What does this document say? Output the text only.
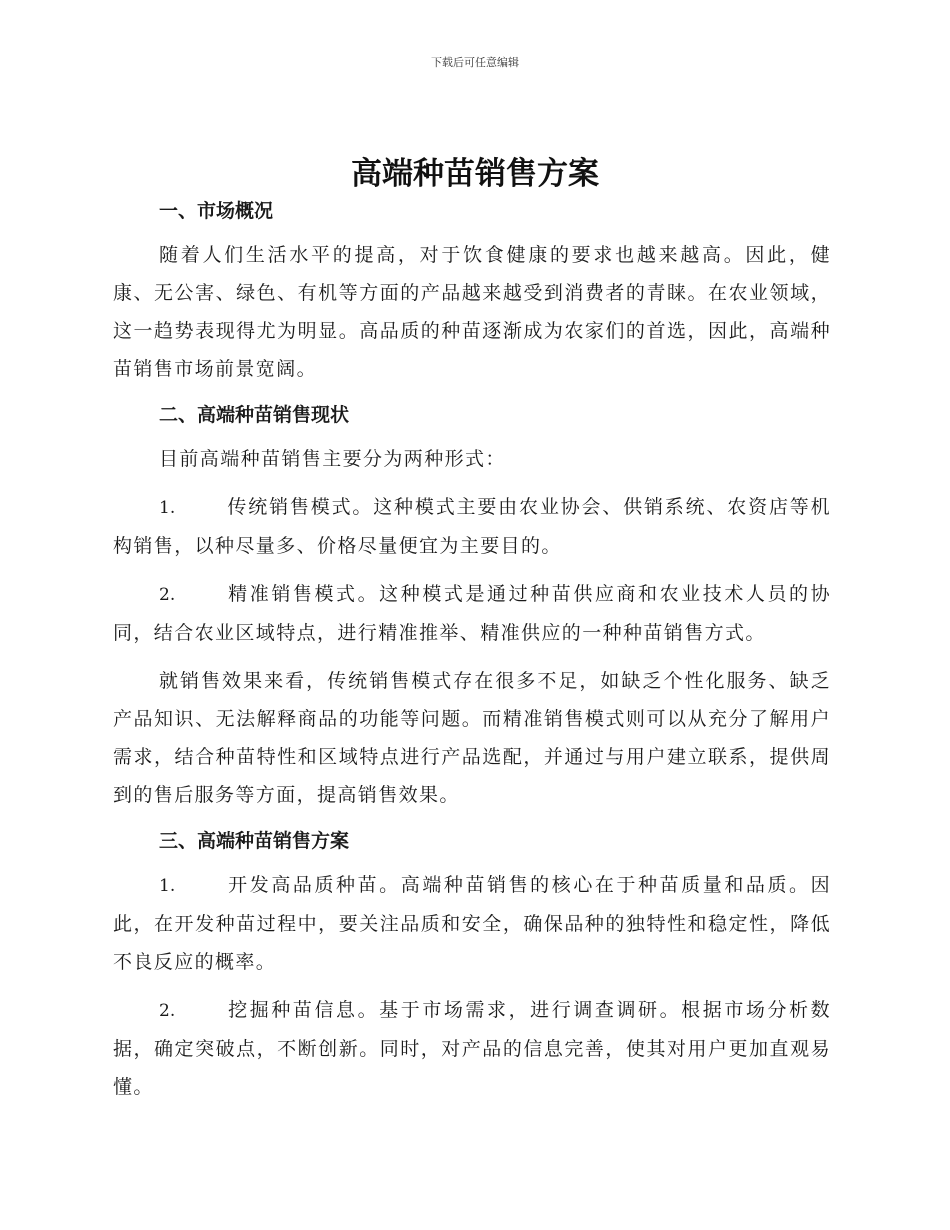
下载后可任意编辑
高端种苗销售方案
一、市场概况

随着人们生活水平的提高，对于饮食健康的要求也越来越高。因此，健康、无公害、绿色、有机等方面的产品越来越受到消费者的青睐。在农业领域，这一趋势表现得尤为明显。高品质的种苗逐渐成为农家们的首选，因此，高端种苗销售市场前景宽阔。

二、高端种苗销售现状

目前高端种苗销售主要分为两种形式：

1.	传统销售模式。这种模式主要由农业协会、供销系统、农资店等机构销售，以种尽量多、价格尽量便宜为主要目的。

2.	精准销售模式。这种模式是通过种苗供应商和农业技术人员的协同，结合农业区域特点，进行精准推举、精准供应的一种种苗销售方式。

就销售效果来看，传统销售模式存在很多不足，如缺乏个性化服务、缺乏产品知识、无法解释商品的功能等问题。而精准销售模式则可以从充分了解用户需求，结合种苗特性和区域特点进行产品选配，并通过与用户建立联系，提供周到的售后服务等方面，提高销售效果。

三、高端种苗销售方案

1.	开发高品质种苗。高端种苗销售的核心在于种苗质量和品质。因此，在开发种苗过程中，要关注品质和安全，确保品种的独特性和稳定性，降低不良反应的概率。

2.	挖掘种苗信息。基于市场需求，进行调查调研。根据市场分析数据，确定突破点，不断创新。同时，对产品的信息完善，使其对用户更加直观易懂。
